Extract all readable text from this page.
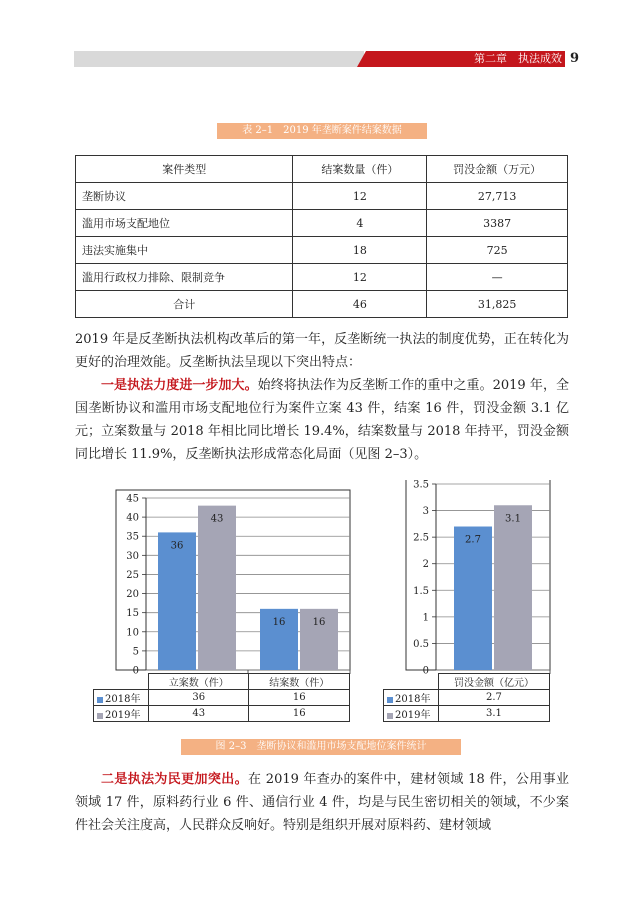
第二章　执法成效 9
表 2–1　2019 年垄断案件结案数据
案件类型	结案数量（件）	罚没金额（万元）
垄断协议	12	27,713
滥用市场支配地位	4	3387
违法实施集中	18	725
滥用行政权力排除、限制竞争	12	—
合计	46	31,825
2019 年是反垄断执法机构改革后的第一年，反垄断统一执法的制度优势，正在转化为更好的治理效能。反垄断执法呈现以下突出特点：
一是执法力度进一步加大。始终将执法作为反垄断工作的重中之重。2019 年，全国垄断协议和滥用市场支配地位行为案件立案 43 件，结案 16 件，罚没金额 3.1 亿元；立案数量与 2018 年相比同比增长 19.4%，结案数量与 2018 年持平，罚没金额同比增长 11.9%，反垄断执法形成常态化局面（见图 2–3）。
0
5
10
15
20
25
30
35
40
45
36
43
16	16
0
0.5
1
1.5
2
2.5
3
3.5
2.7
3.1
	立案数（件）	结案数（件）
2018年	36	16
2019年	43	16
	罚没金额（亿元）
2018年	2.7
2019年	3.1
图 2–3　垄断协议和滥用市场支配地位案件统计
二是执法为民更加突出。在 2019 年查办的案件中，建材领域 18 件，公用事业领域 17 件，原料药行业 6 件、通信行业 4 件，均是与民生密切相关的领域，不少案件社会关注度高，人民群众反响好。特别是组织开展对原料药、建材领域
